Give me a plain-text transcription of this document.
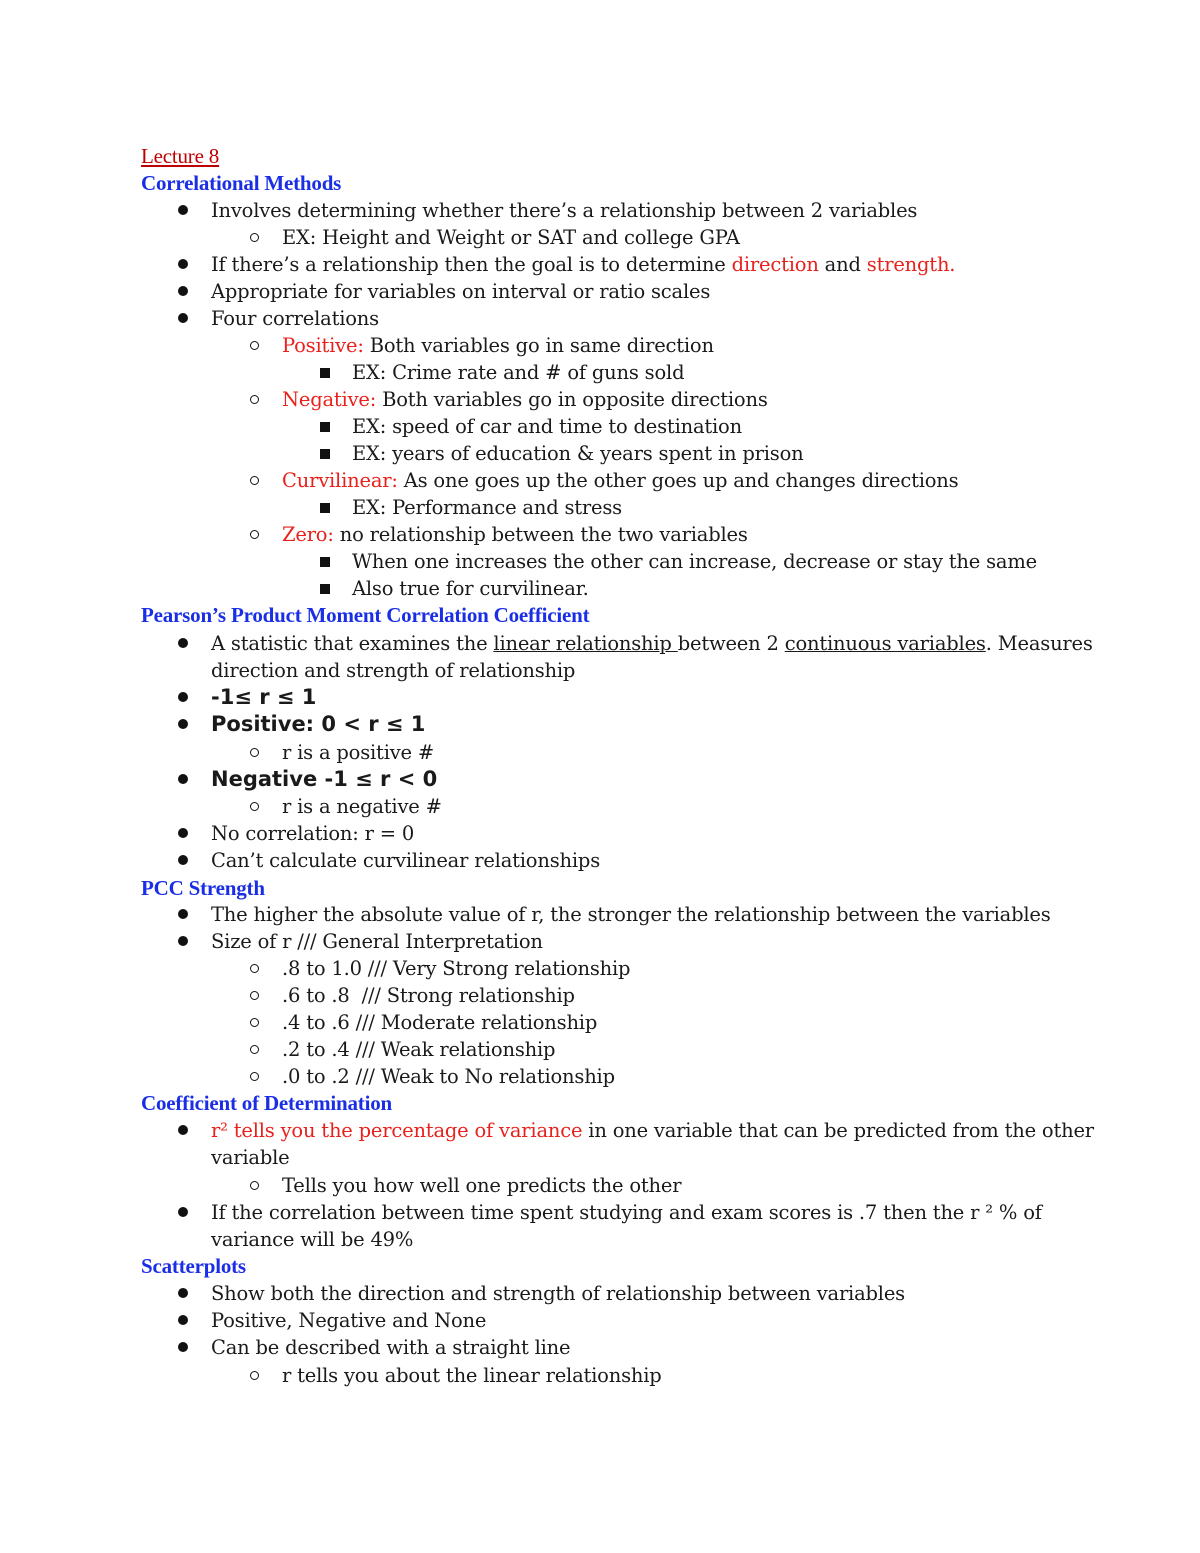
Lecture 8
Correlational Methods
Involves determining whether there’s a relationship between 2 variables
EX: Height and Weight or SAT and college GPA
If there’s a relationship then the goal is to determine direction and strength.
Appropriate for variables on interval or ratio scales
Four correlations
Positive: Both variables go in same direction
EX: Crime rate and # of guns sold
Negative: Both variables go in opposite directions
EX: speed of car and time to destination
EX: years of education & years spent in prison
Curvilinear: As one goes up the other goes up and changes directions
EX: Performance and stress
Zero: no relationship between the two variables
When one increases the other can increase, decrease or stay the same
Also true for curvilinear.
Pearson’s Product Moment Correlation Coefficient
A statistic that examines the linear relationship between 2 continuous variables. Measures
direction and strength of relationship
-1≤ r ≤ 1
Positive: 0 < r ≤ 1
r is a positive #
Negative -1 ≤ r < 0
r is a negative #
No correlation: r = 0
Can’t calculate curvilinear relationships
PCC Strength
The higher the absolute value of r, the stronger the relationship between the variables
Size of r /// General Interpretation
.8 to 1.0 /// Very Strong relationship
.6 to .8  /// Strong relationship
.4 to .6 /// Moderate relationship
.2 to .4 /// Weak relationship
.0 to .2 /// Weak to No relationship
Coefficient of Determination
r² tells you the percentage of variance in one variable that can be predicted from the other
variable
Tells you how well one predicts the other
If the correlation between time spent studying and exam scores is .7 then the r ² % of
variance will be 49%
Scatterplots
Show both the direction and strength of relationship between variables
Positive, Negative and None
Can be described with a straight line
r tells you about the linear relationship
